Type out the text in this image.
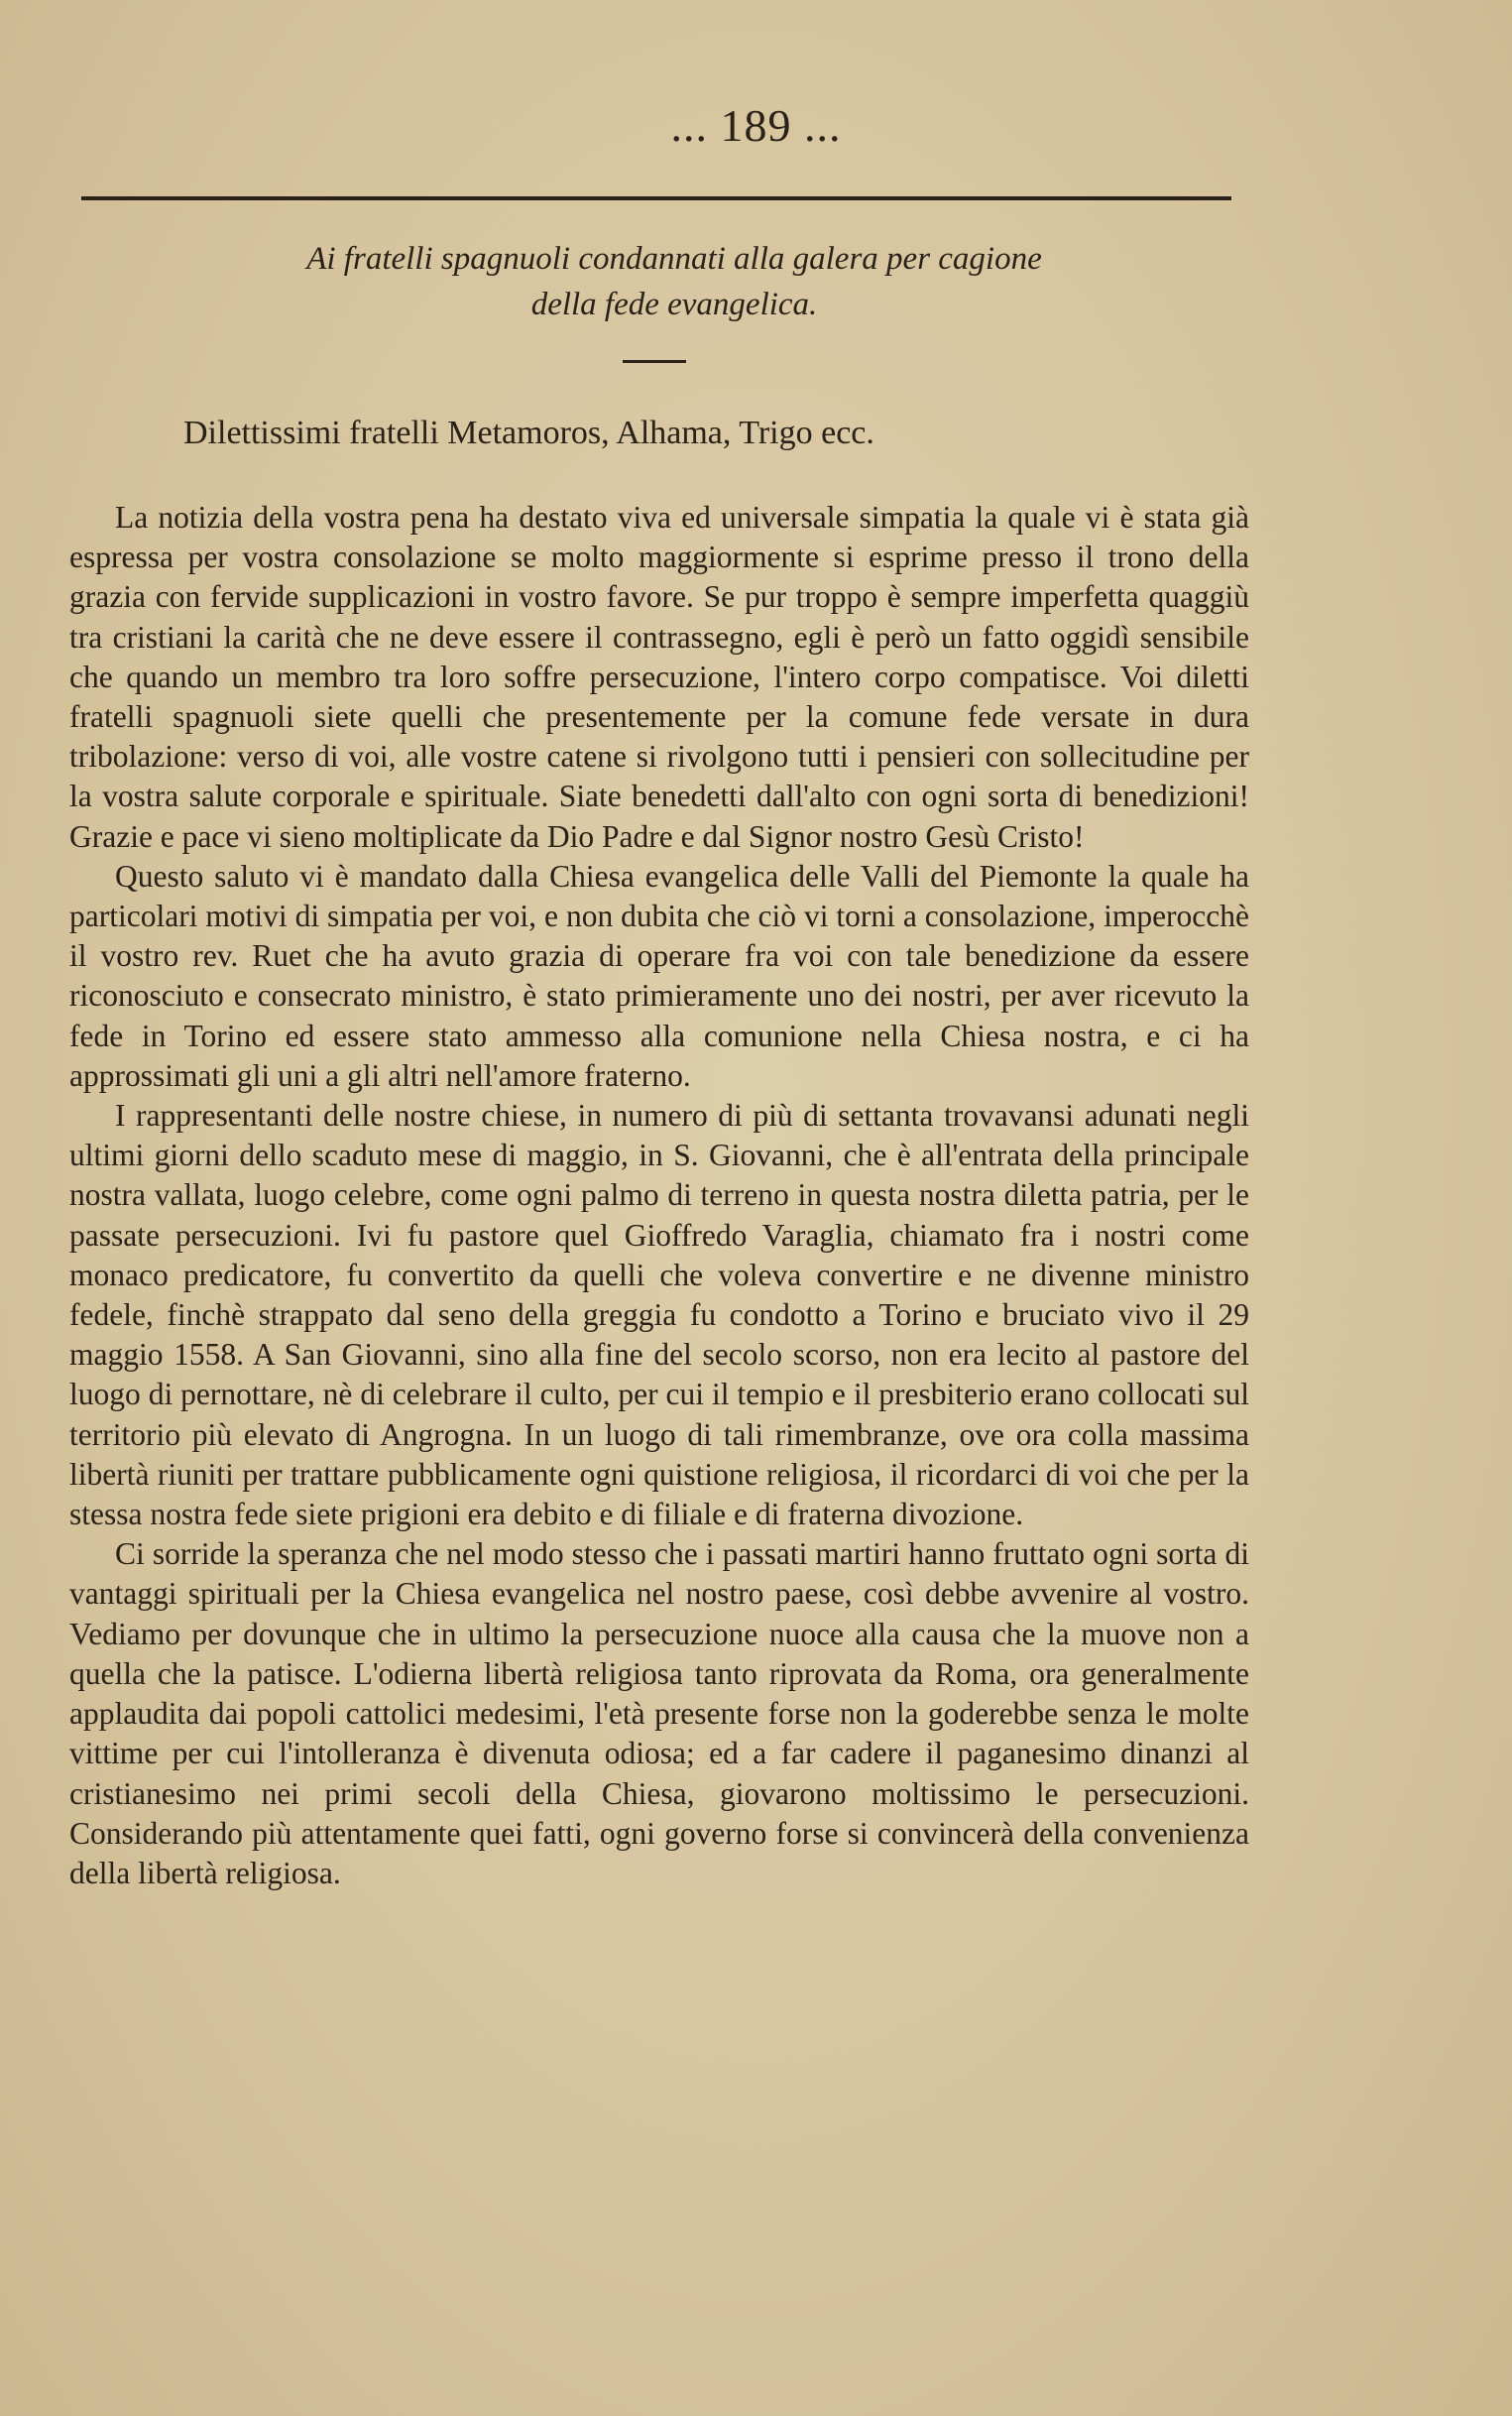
... 189 ...
Ai fratelli spagnuoli condannati alla galera per cagione
della fede evangelica.
Dilettissimi fratelli Metamoros, Alhama, Trigo ecc.

La notizia della vostra pena ha destato viva ed universale simpatia la quale vi è stata già espressa per vostra consolazione se molto maggiormente si esprime presso il trono della grazia con fervide supplicazioni in vostro favore. Se pur troppo è sempre imperfetta quaggiù tra cristiani la carità che ne deve essere il contrassegno, egli è però un fatto oggidì sensibile che quando un membro tra loro soffre persecuzione, l'intero corpo compatisce. Voi diletti fratelli spagnuoli siete quelli che presentemente per la comune fede versate in dura tribolazione: verso di voi, alle vostre catene si rivolgono tutti i pensieri con sollecitudine per la vostra salute corporale e spirituale. Siate benedetti dall'alto con ogni sorta di benedizioni! Grazie e pace vi sieno moltiplicate da Dio Padre e dal Signor nostro Gesù Cristo!

Questo saluto vi è mandato dalla Chiesa evangelica delle Valli del Piemonte la quale ha particolari motivi di simpatia per voi, e non dubita che ciò vi torni a consolazione, imperocchè il vostro rev. Ruet che ha avuto grazia di operare fra voi con tale benedizione da essere riconosciuto e consecrato ministro, è stato primieramente uno dei nostri, per aver ricevuto la fede in Torino ed essere stato ammesso alla comunione nella Chiesa nostra, e ci ha approssimati gli uni a gli altri nell'amore fraterno.

I rappresentanti delle nostre chiese, in numero di più di settanta trovavansi adunati negli ultimi giorni dello scaduto mese di maggio, in S. Giovanni, che è all'entrata della principale nostra vallata, luogo celebre, come ogni palmo di terreno in questa nostra diletta patria, per le passate persecuzioni. Ivi fu pastore quel Gioffredo Varaglia, chiamato fra i nostri come monaco predicatore, fu convertito da quelli che voleva convertire e ne divenne ministro fedele, finchè strappato dal seno della greggia fu condotto a Torino e bruciato vivo il 29 maggio 1558. A San Giovanni, sino alla fine del secolo scorso, non era lecito al pastore del luogo di pernottare, nè di celebrare il culto, per cui il tempio e il presbiterio erano collocati sul territorio più elevato di Angrogna. In un luogo di tali rimembranze, ove ora colla massima libertà riuniti per trattare pubblicamente ogni quistione religiosa, il ricordarci di voi che per la stessa nostra fede siete prigioni era debito e di filiale e di fraterna divozione.

Ci sorride la speranza che nel modo stesso che i passati martiri hanno fruttato ogni sorta di vantaggi spirituali per la Chiesa evangelica nel nostro paese, così debbe avvenire al vostro. Vediamo per dovunque che in ultimo la persecuzione nuoce alla causa che la muove non a quella che la patisce. L'odierna libertà religiosa tanto riprovata da Roma, ora generalmente applaudita dai popoli cattolici medesimi, l'età presente forse non la goderebbe senza le molte vittime per cui l'intolleranza è divenuta odiosa; ed a far cadere il paganesimo dinanzi al cristianesimo nei primi secoli della Chiesa, giovarono moltissimo le persecuzioni. Considerando più attentamente quei fatti, ogni governo forse si convincerà della convenienza della libertà religiosa.
